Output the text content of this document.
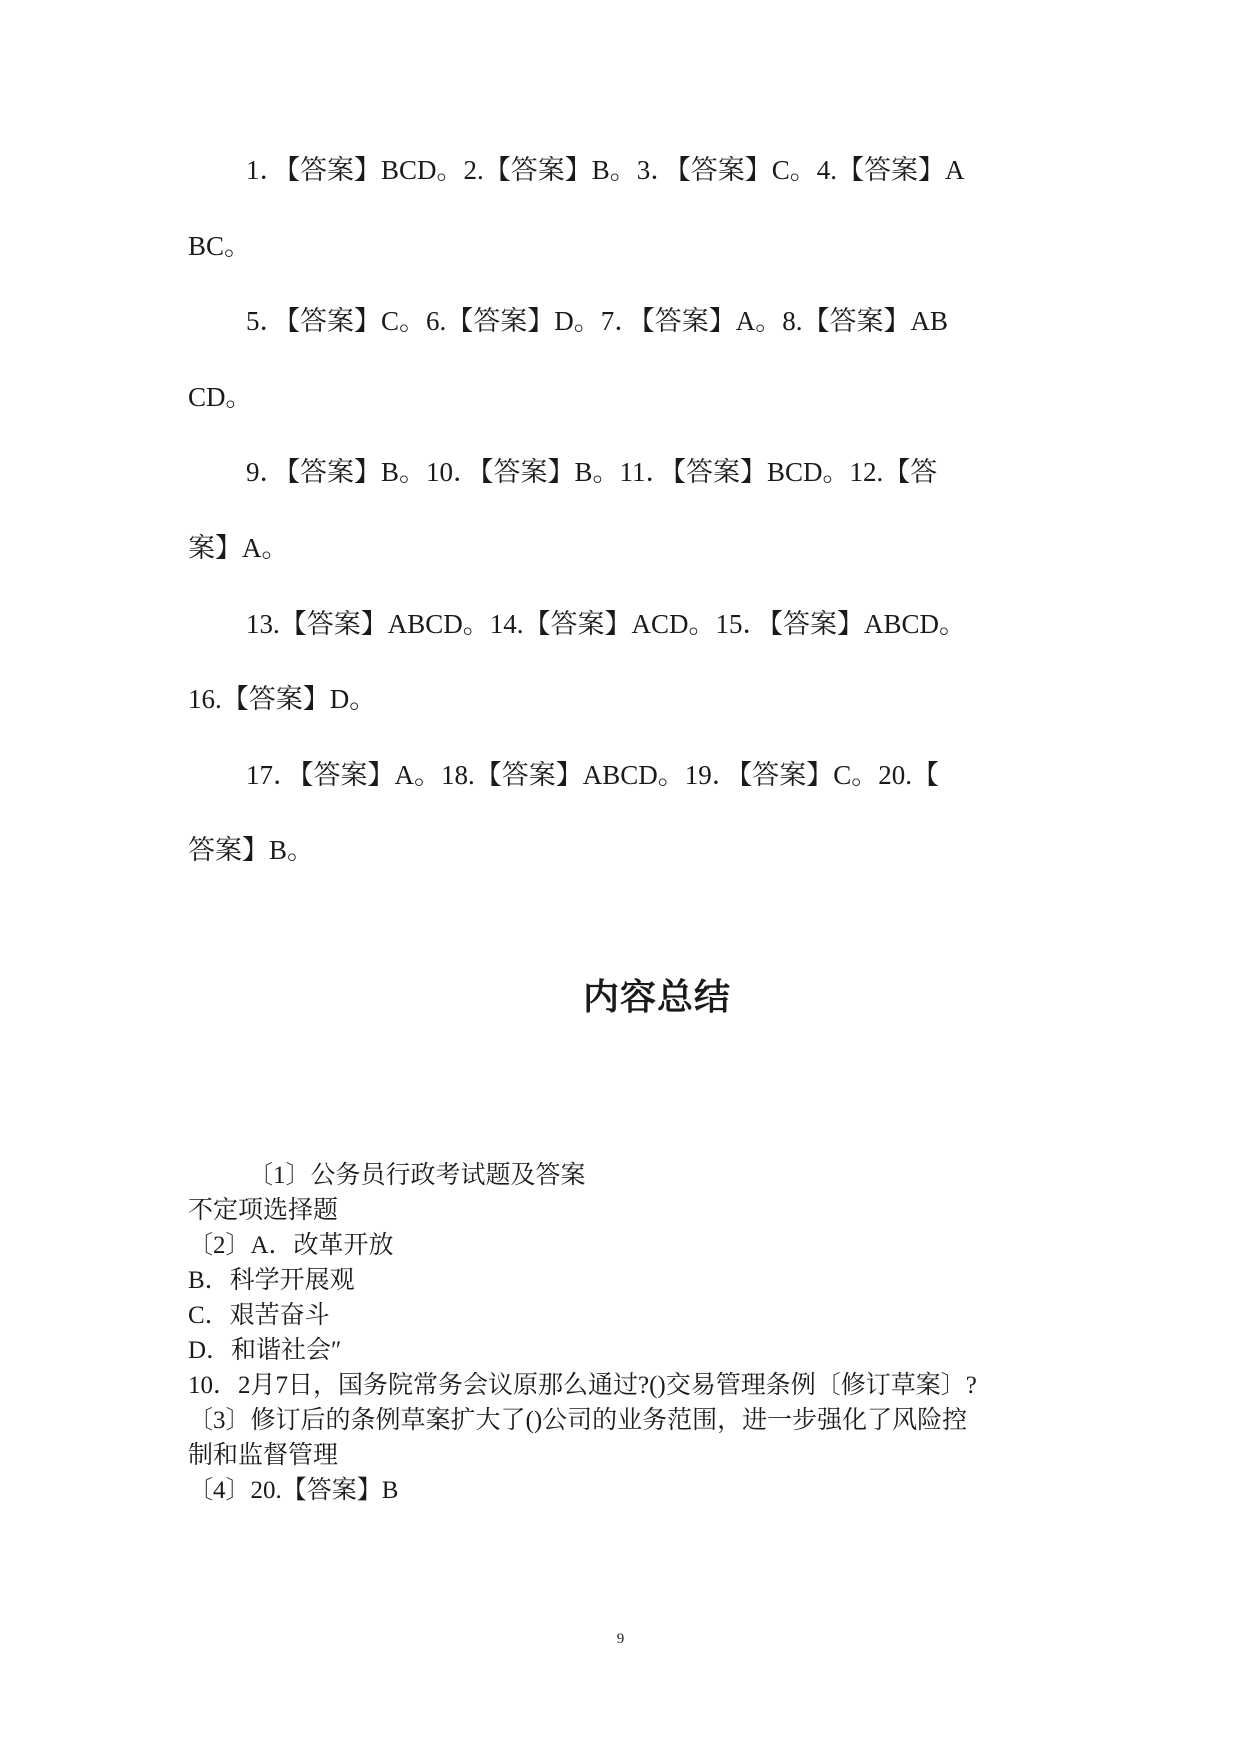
1．【答案】BCD。2.【答案】B。3．【答案】C。4.【答案】A
BC。
5．【答案】C。6.【答案】D。7．【答案】A。8.【答案】AB
CD。
9．【答案】B。10．【答案】B。11．【答案】BCD。12.【答
案】A。
13.【答案】ABCD。14.【答案】ACD。15．【答案】ABCD。
16.【答案】D。
17．【答案】A。18.【答案】ABCD。19．【答案】C。20.【
答案】B。
内容总结
〔1〕公务员行政考试题及答案
不定项选择题
〔2〕A．改革开放
B．科学开展观
C．艰苦奋斗
D．和谐社会″
10．2月7日，国务院常务会议原那么通过?()交易管理条例〔修订草案〕?
〔3〕修订后的条例草案扩大了()公司的业务范围，进一步强化了风险控
制和监督管理
〔4〕20.【答案】B
9
